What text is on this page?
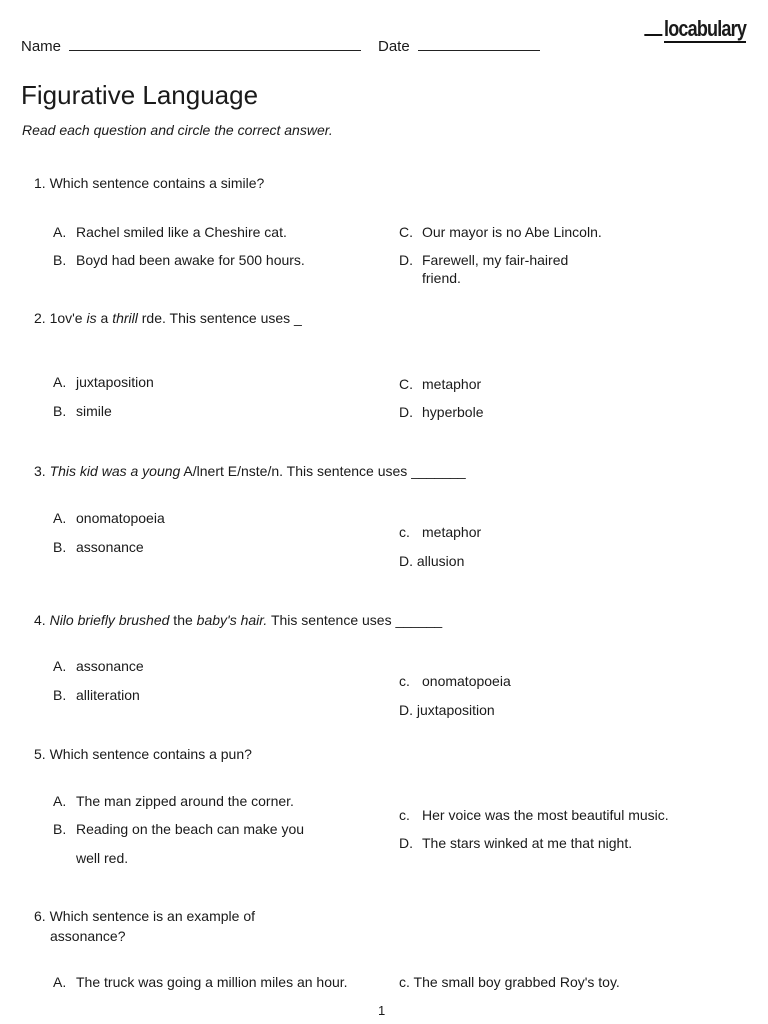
Name	Date
locabulary
Figurative Language
Read each question and circle the correct answer.
1. Which sentence contains a simile?
A. Rachel smiled like a Cheshire cat.
B. Boyd had been awake for 500 hours.
C. Our mayor is no Abe Lincoln.
D. Farewell, my fair-haired
friend.
2. 1ov'e is a thrill rde. This sentence uses _
A. juxtaposition
B. simile
C. metaphor
D. hyperbole
3. This kid was a young A/lnert E/nste/n. This sentence uses _______
A. onomatopoeia
B. assonance
c. metaphor
D. allusion
4. Nilo briefly brushed the baby's hair. This sentence uses ______
A. assonance
B. alliteration
c. onomatopoeia
D. juxtaposition
5. Which sentence contains a pun?
A. The man zipped around the corner.
B. Reading on the beach can make you
well red.
c. Her voice was the most beautiful music.
D. The stars winked at me that night.
6. Which sentence is an example of
assonance?
A. The truck was going a million miles an hour.	c. The small boy grabbed Roy's toy.
1
